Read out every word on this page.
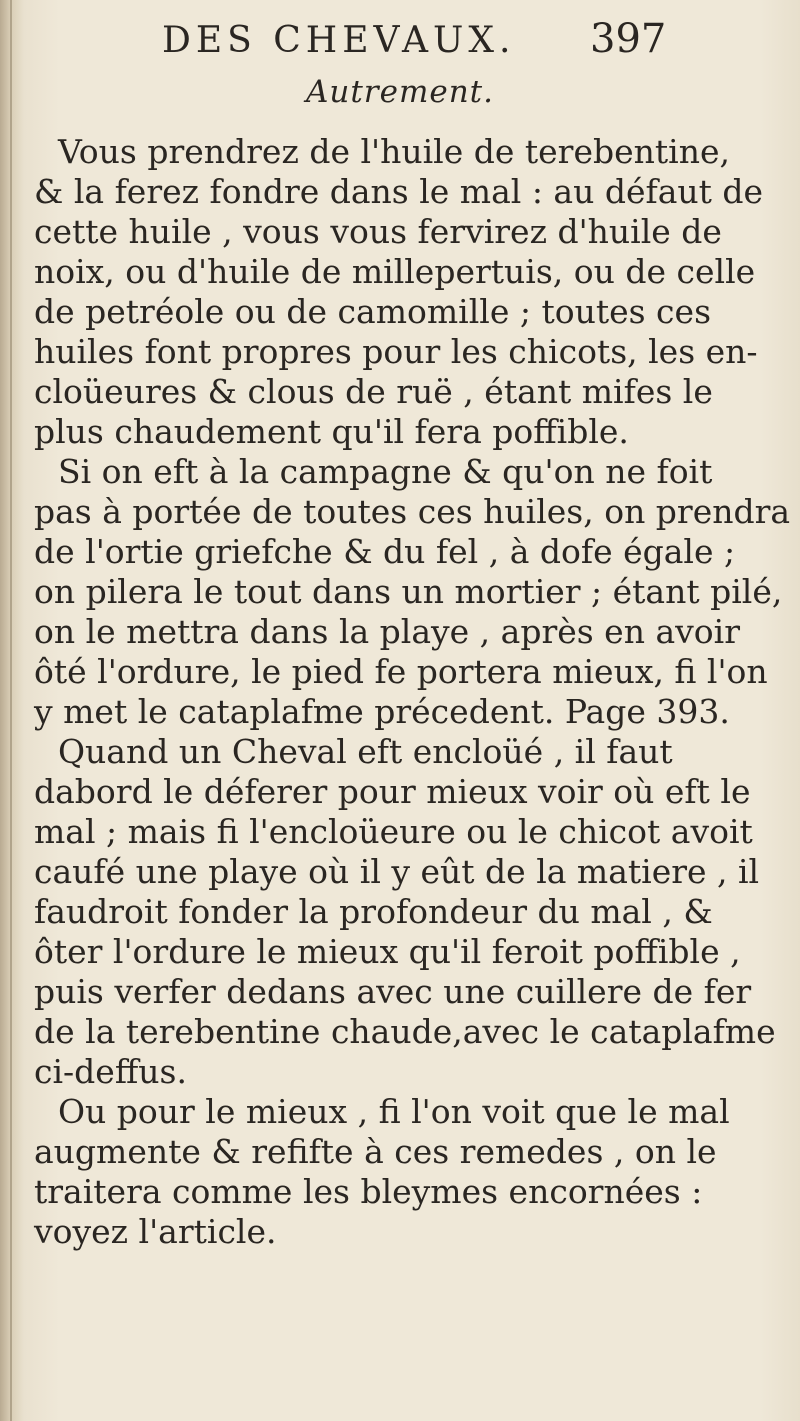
DES CHEVAUX. 397
Autrement.
Vous prendrez de l'huile de terebentine,
& la ferez fondre dans le mal : au défaut de
cette huile , vous vous fervirez d'huile de
noix, ou d'huile de millepertuis, ou de celle
de petréole ou de camomille ; toutes ces
huiles font propres pour les chicots, les en-
cloüeures & clous de ruë , étant mifes le
plus chaudement qu'il fera poffible.
Si on eft à la campagne & qu'on ne foit
pas à portée de toutes ces huiles, on prendra
de l'ortie griefche & du fel , à dofe égale ;
on pilera le tout dans un mortier ; étant pilé,
on le mettra dans la playe , après en avoir
ôté l'ordure, le pied fe portera mieux, fi l'on
y met le cataplafme précedent. Page 393.
Quand un Cheval eft encloüé , il faut
dabord le déferer pour mieux voir où eft le
mal ; mais fi l'encloüeure ou le chicot avoit
caufé une playe où il y eût de la matiere , il
faudroit fonder la profondeur du mal , &
ôter l'ordure le mieux qu'il feroit poffible ,
puis verfer dedans avec une cuillere de fer
de la terebentine chaude,avec le cataplafme
ci-deffus.
Ou pour le mieux , fi l'on voit que le mal
augmente & refifte à ces remedes , on le
traitera comme les bleymes encornées :
voyez l'article.
